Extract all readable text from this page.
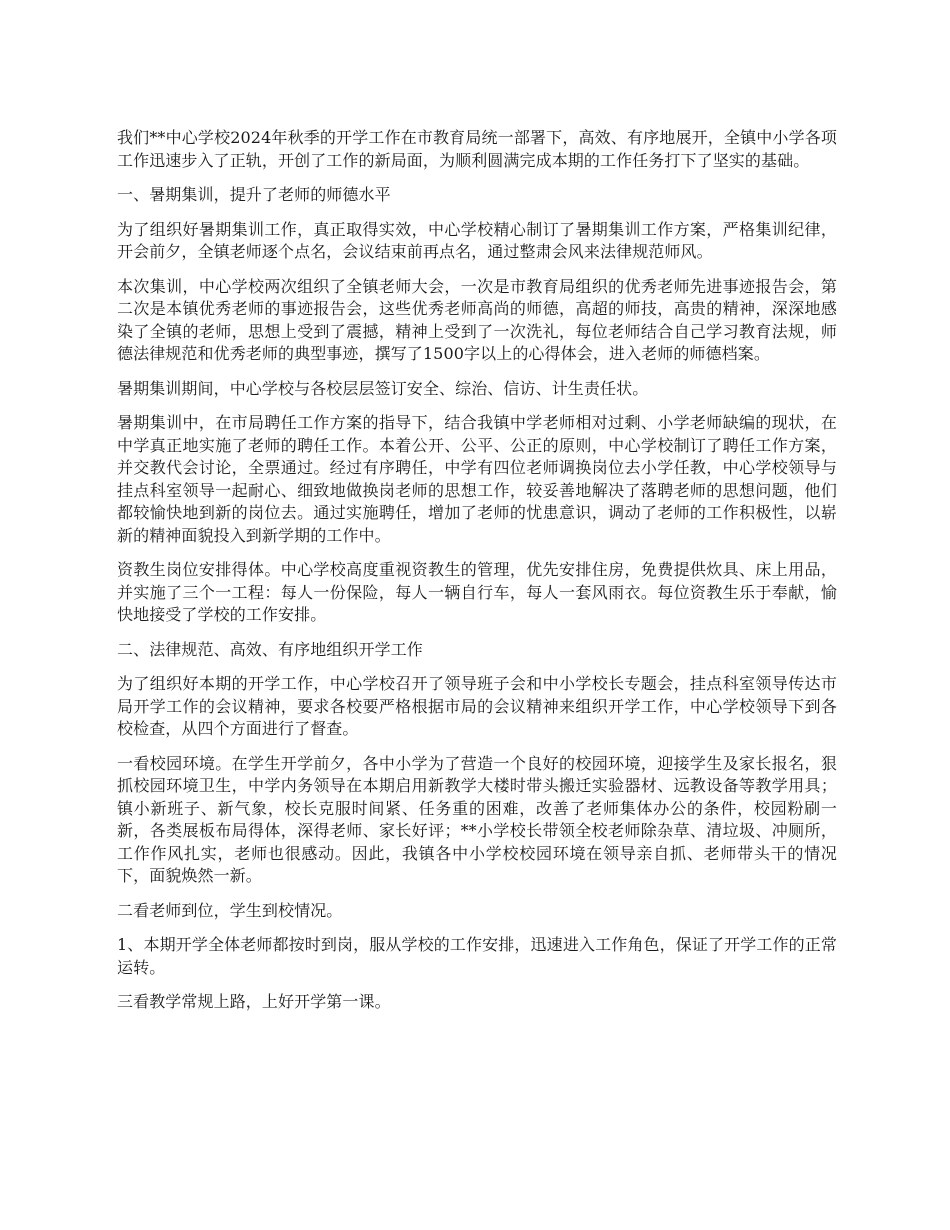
我们**中心学校2024年秋季的开学工作在市教育局统一部署下，高效、有序地展开，全镇中小学各项工作迅速步入了正轨，开创了工作的新局面，为顺利圆满完成本期的工作任务打下了坚实的基础。

一、暑期集训，提升了老师的师德水平

为了组织好暑期集训工作，真正取得实效，中心学校精心制订了暑期集训工作方案，严格集训纪律，开会前夕，全镇老师逐个点名，会议结束前再点名，通过整肃会风来法律规范师风。

本次集训，中心学校两次组织了全镇老师大会，一次是市教育局组织的优秀老师先进事迹报告会，第二次是本镇优秀老师的事迹报告会，这些优秀老师高尚的师德，高超的师技，高贵的精神，深深地感染了全镇的老师，思想上受到了震撼，精神上受到了一次洗礼，每位老师结合自己学习教育法规，师德法律规范和优秀老师的典型事迹，撰写了1500字以上的心得体会，进入老师的师德档案。

暑期集训期间，中心学校与各校层层签订安全、综治、信访、计生责任状。

暑期集训中，在市局聘任工作方案的指导下，结合我镇中学老师相对过剩、小学老师缺编的现状，在中学真正地实施了老师的聘任工作。本着公开、公平、公正的原则，中心学校制订了聘任工作方案，并交教代会讨论，全票通过。经过有序聘任，中学有四位老师调换岗位去小学任教，中心学校领导与挂点科室领导一起耐心、细致地做换岗老师的思想工作，较妥善地解决了落聘老师的思想问题，他们都较愉快地到新的岗位去。通过实施聘任，增加了老师的忧患意识，调动了老师的工作积极性，以崭新的精神面貌投入到新学期的工作中。

资教生岗位安排得体。中心学校高度重视资教生的管理，优先安排住房，免费提供炊具、床上用品，并实施了三个一工程：每人一份保险，每人一辆自行车，每人一套风雨衣。每位资教生乐于奉献，愉快地接受了学校的工作安排。

二、法律规范、高效、有序地组织开学工作

为了组织好本期的开学工作，中心学校召开了领导班子会和中小学校长专题会，挂点科室领导传达市局开学工作的会议精神，要求各校要严格根据市局的会议精神来组织开学工作，中心学校领导下到各校检查，从四个方面进行了督查。

一看校园环境。在学生开学前夕，各中小学为了营造一个良好的校园环境，迎接学生及家长报名，狠抓校园环境卫生，中学内务领导在本期启用新教学大楼时带头搬迁实验器材、远教设备等教学用具；镇小新班子、新气象，校长克服时间紧、任务重的困难，改善了老师集体办公的条件，校园粉刷一新，各类展板布局得体，深得老师、家长好评；**小学校长带领全校老师除杂草、清垃圾、冲厕所，工作作风扎实，老师也很感动。因此，我镇各中小学校校园环境在领导亲自抓、老师带头干的情况下，面貌焕然一新。

二看老师到位，学生到校情况。

1、本期开学全体老师都按时到岗，服从学校的工作安排，迅速进入工作角色，保证了开学工作的正常运转。

三看教学常规上路，上好开学第一课。
